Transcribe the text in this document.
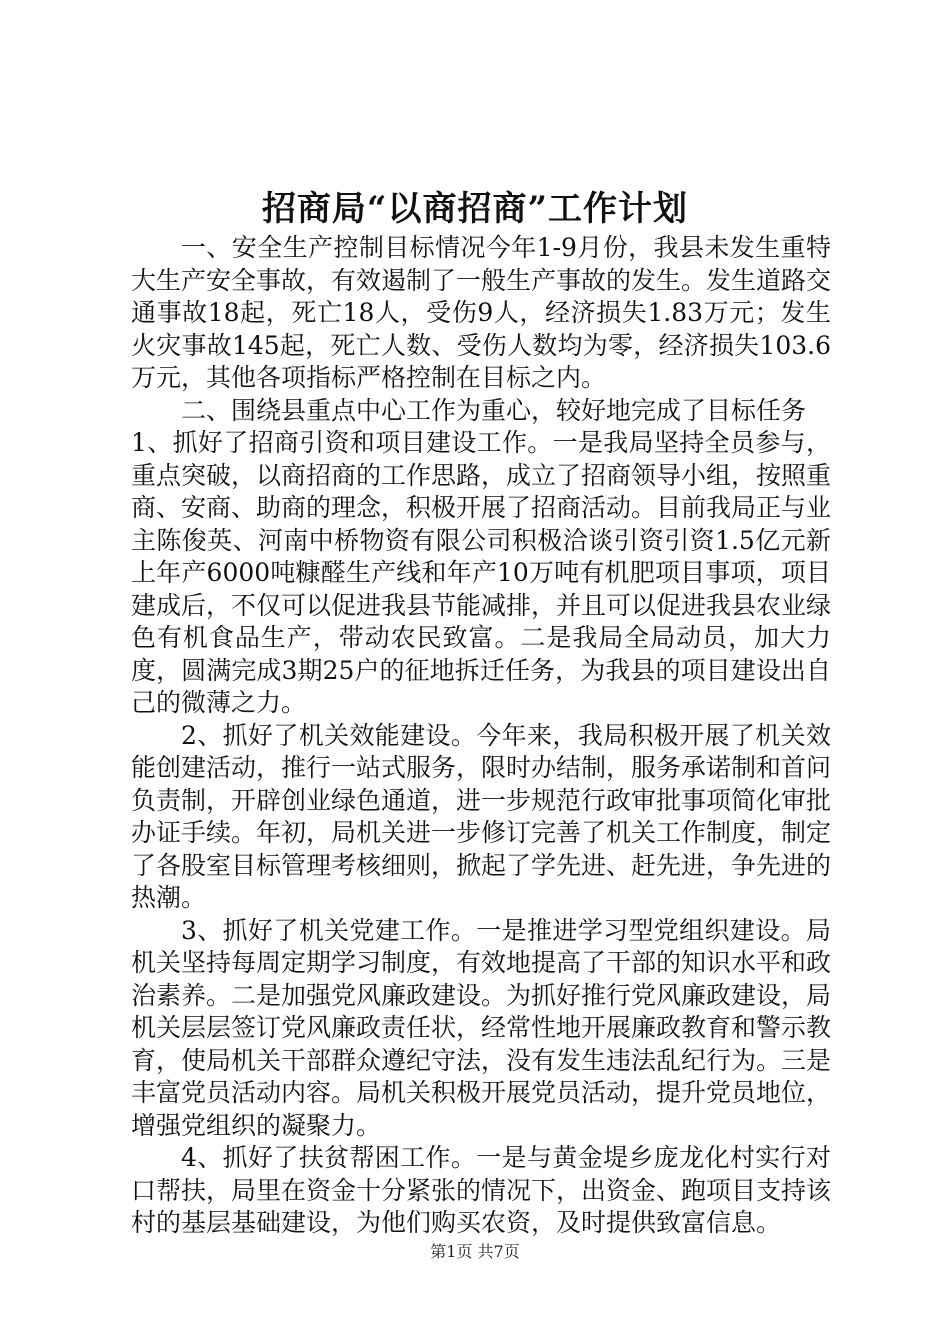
招商局“以商招商”工作计划

一、安全生产控制目标情况今年1-9月份，我县未发生重特大生产安全事故，有效遏制了一般生产事故的发生。发生道路交通事故18起，死亡18人，受伤9人，经济损失1.83万元；发生火灾事故145起，死亡人数、受伤人数均为零，经济损失103.6万元，其他各项指标严格控制在目标之内。

二、围绕县重点中心工作为重心，较好地完成了目标任务

1、抓好了招商引资和项目建设工作。一是我局坚持全员参与，重点突破，以商招商的工作思路，成立了招商领导小组，按照重商、安商、助商的理念，积极开展了招商活动。目前我局正与业主陈俊英、河南中桥物资有限公司积极洽谈引资引资1.5亿元新上年产6000吨糠醛生产线和年产10万吨有机肥项目事项，项目建成后，不仅可以促进我县节能减排，并且可以促进我县农业绿色有机食品生产，带动农民致富。二是我局全局动员，加大力度，圆满完成3期25户的征地拆迁任务，为我县的项目建设出自己的微薄之力。

2、抓好了机关效能建设。今年来，我局积极开展了机关效能创建活动，推行一站式服务，限时办结制，服务承诺制和首问负责制，开辟创业绿色通道，进一步规范行政审批事项简化审批办证手续。年初，局机关进一步修订完善了机关工作制度，制定了各股室目标管理考核细则，掀起了学先进、赶先进，争先进的热潮。

3、抓好了机关党建工作。一是推进学习型党组织建设。局机关坚持每周定期学习制度，有效地提高了干部的知识水平和政治素养。二是加强党风廉政建设。为抓好推行党风廉政建设，局机关层层签订党风廉政责任状，经常性地开展廉政教育和警示教育，使局机关干部群众遵纪守法，没有发生违法乱纪行为。三是丰富党员活动内容。局机关积极开展党员活动，提升党员地位，增强党组织的凝聚力。

4、抓好了扶贫帮困工作。一是与黄金堤乡庞龙化村实行对口帮扶，局里在资金十分紧张的情况下，出资金、跑项目支持该村的基层基础建设，为他们购买农资，及时提供致富信息。

第1页 共7页
